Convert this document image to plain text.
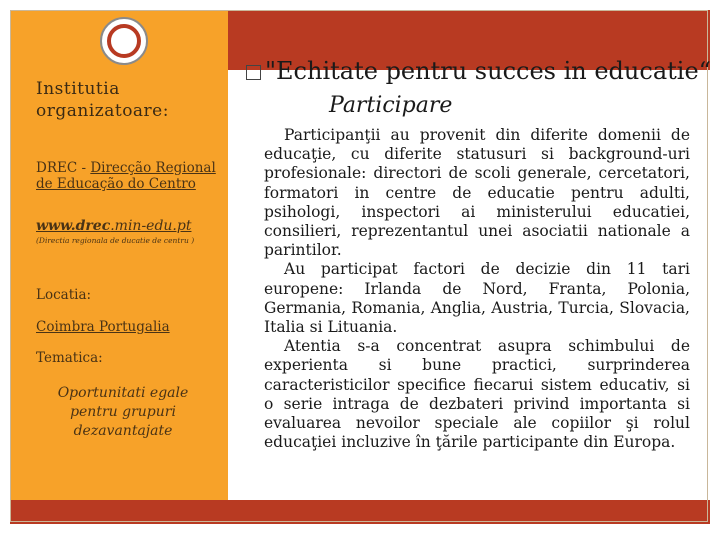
Institutia organizatoare:
DREC - Direcção Regional de Educação do Centro
www.drec.min-edu.pt
(Directia regionala de ducatie de centru )
Locatia:
Coimbra Portugalia
Tematica:
Oportunitati egale pentru grupuri dezavantajate
"Echitate pentru succes in educatie“
Participare

Participanţii au provenit din diferite domenii de educaţie, cu diferite statusuri si background-uri profesionale: directori de scoli generale, cercetatori, formatori in centre de educatie pentru adulti, psihologi, inspectori ai ministerului educatiei, consilieri, reprezentantul unei asociatii nationale a parintilor.

Au participat factori de decizie din 11 tari europene: Irlanda de Nord, Franta, Polonia, Germania, Romania, Anglia, Austria, Turcia, Slovacia, Italia si Lituania.

Atentia s-a concentrat asupra schimbului de experienta si bune practici, surprinderea caracteristicilor specifice fiecarui sistem educativ, si o serie intraga de dezbateri privind importanta si evaluarea nevoilor speciale ale copiilor şi rolul educaţiei incluzive în ţările participante din Europa.
